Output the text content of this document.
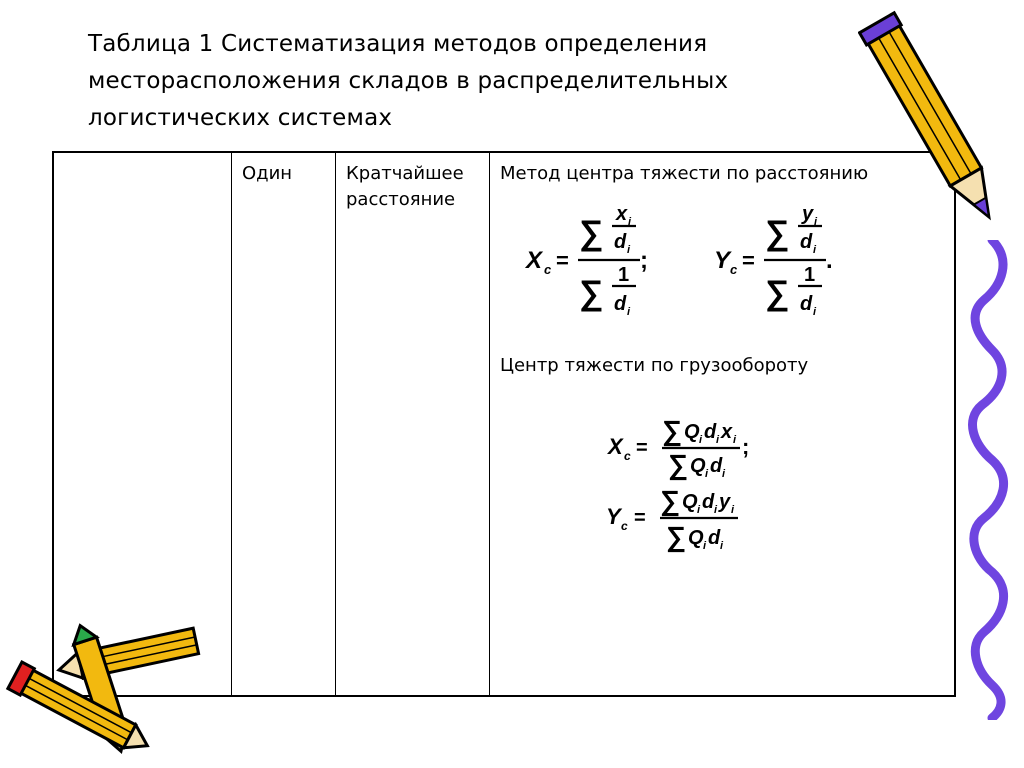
Таблица 1 Систематизация методов определения
месторасположения складов в распределительных
логистических системах
Один	Кратчайшее
расстояние
Метод центра тяжести по расстоянию
Центр тяжести по грузообороту
X c =
∑ x i
d i
∑ 1
d i
;	Y c =
∑ y i
d i
∑ 1
d i
.
X c =
∑ Q i d i x i
∑ Q i d i
;
Y c =
∑ Q i d i y i
∑ Q i d i
